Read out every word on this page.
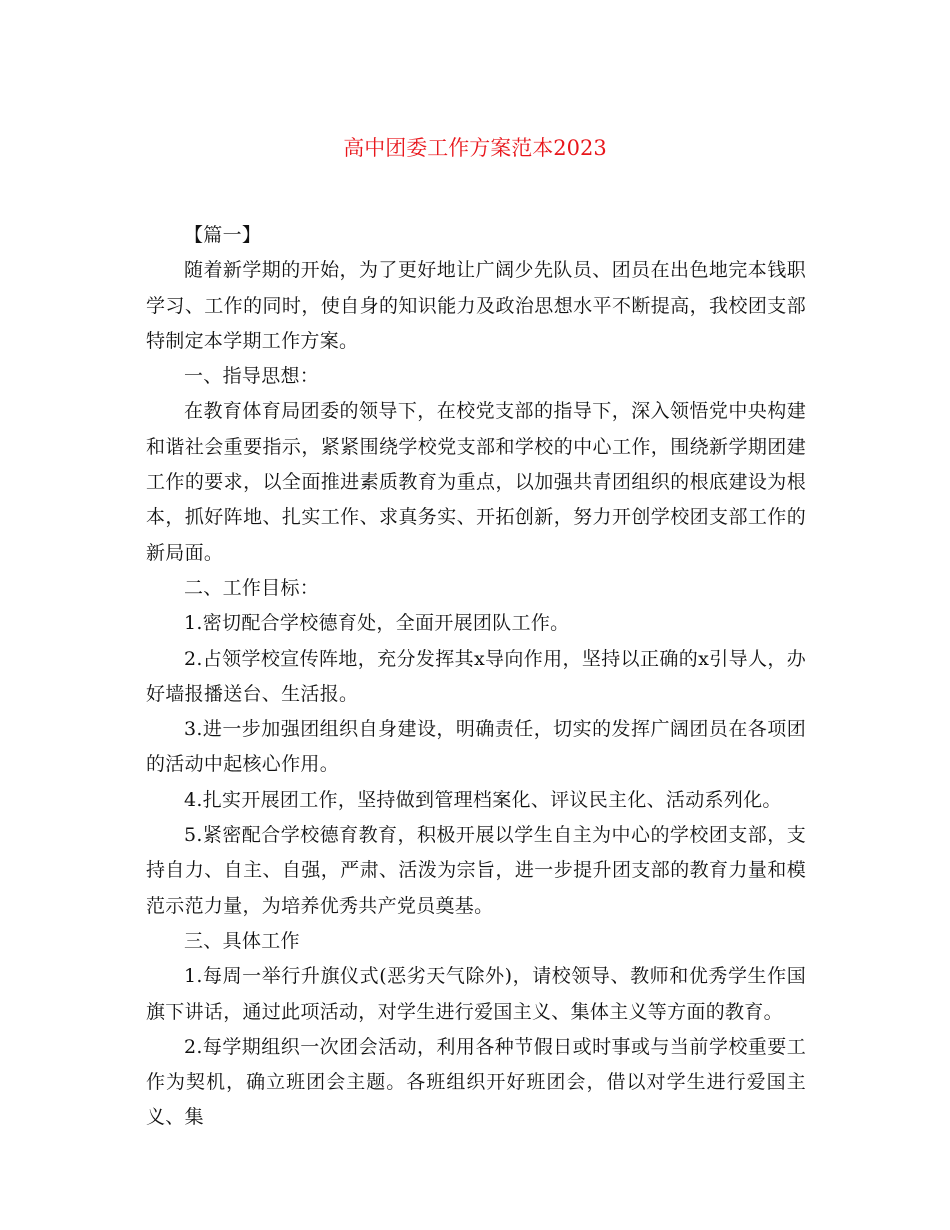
高中团委工作方案范本2023

【篇一】

随着新学期的开始，为了更好地让广阔少先队员、团员在出色地完本钱职学习、工作的同时，使自身的知识能力及政治思想水平不断提高，我校团支部特制定本学期工作方案。

一、指导思想：

在教育体育局团委的领导下，在校党支部的指导下，深入领悟党中央构建和谐社会重要指示，紧紧围绕学校党支部和学校的中心工作，围绕新学期团建工作的要求，以全面推进素质教育为重点，以加强共青团组织的根底建设为根本，抓好阵地、扎实工作、求真务实、开拓创新，努力开创学校团支部工作的新局面。

二、工作目标：

1.密切配合学校德育处，全面开展团队工作。

2.占领学校宣传阵地，充分发挥其x导向作用，坚持以正确的x引导人，办好墙报播送台、生活报。

3.进一步加强团组织自身建设，明确责任，切实的发挥广阔团员在各项团的活动中起核心作用。

4.扎实开展团工作，坚持做到管理档案化、评议民主化、活动系列化。

5.紧密配合学校德育教育，积极开展以学生自主为中心的学校团支部，支持自力、自主、自强，严肃、活泼为宗旨，进一步提升团支部的教育力量和模范示范力量，为培养优秀共产党员奠基。

三、具体工作

1.每周一举行升旗仪式(恶劣天气除外)，请校领导、教师和优秀学生作国旗下讲话，通过此项活动，对学生进行爱国主义、集体主义等方面的教育。

2.每学期组织一次团会活动，利用各种节假日或时事或与当前学校重要工作为契机，确立班团会主题。各班组织开好班团会，借以对学生进行爱国主义、集
